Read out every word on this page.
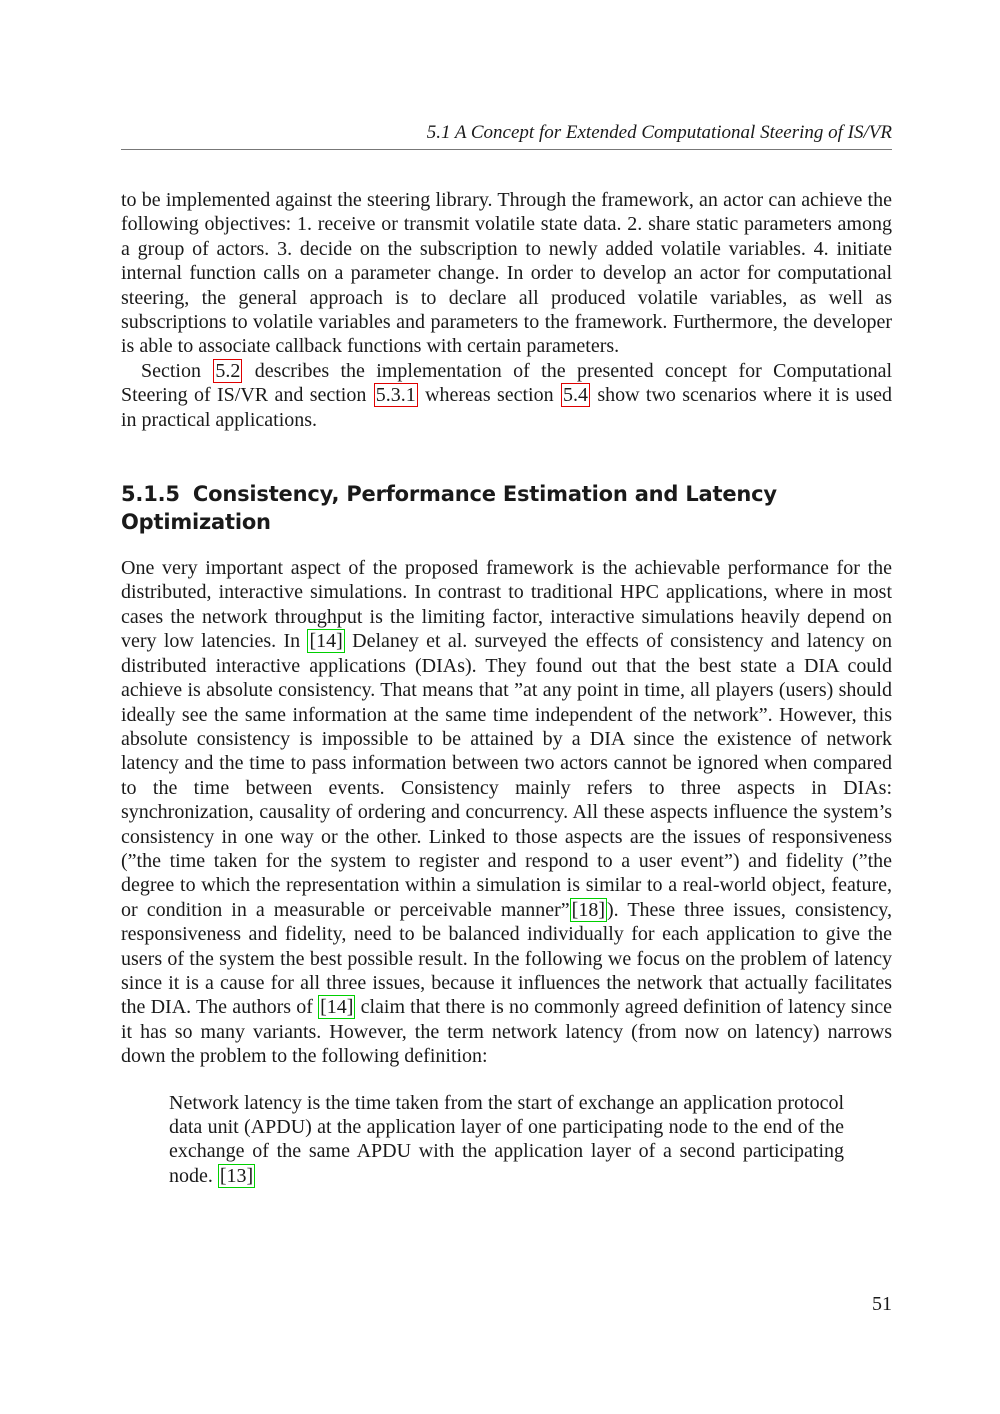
5.1 A Concept for Extended Computational Steering of IS/VR

to be implemented against the steering library. Through the framework, an actor can achieve the following objectives: 1. receive or transmit volatile state data. 2. share static parameters among a group of actors. 3. decide on the subscription to newly added volatile variables. 4. initiate internal function calls on a parameter change. In order to develop an actor for computational steering, the general approach is to declare all produced volatile variables, as well as subscriptions to volatile variables and parameters to the framework. Furthermore, the developer is able to associate callback functions with certain parameters.

Section 5.2 describes the implementation of the presented concept for Computational Steering of IS/VR and section 5.3.1 whereas section 5.4 show two scenarios where it is used in practical applications.

5.1.5 Consistency, Performance Estimation and Latency Optimization

One very important aspect of the proposed framework is the achievable performance for the distributed, interactive simulations. In contrast to traditional HPC applications, where in most cases the network throughput is the limiting factor, interactive simulations heavily depend on very low latencies. In [14] Delaney et al. surveyed the effects of consistency and latency on distributed interactive applications (DIAs). They found out that the best state a DIA could achieve is absolute consistency. That means that ”at any point in time, all players (users) should ideally see the same information at the same time independent of the network”. However, this absolute consistency is impossible to be attained by a DIA since the existence of network latency and the time to pass information between two actors cannot be ignored when compared to the time between events. Consistency mainly refers to three aspects in DIAs: synchronization, causality of ordering and concurrency. All these aspects influence the system’s consistency in one way or the other. Linked to those aspects are the issues of responsiveness (”the time taken for the system to register and respond to a user event”) and fidelity (”the degree to which the representation within a simulation is similar to a real-world object, feature, or condition in a measurable or perceivable manner” [18] ). These three issues, consistency, responsiveness and fidelity, need to be balanced individually for each application to give the users of the system the best possible result. In the following we focus on the problem of latency since it is a cause for all three issues, because it influences the network that actually facilitates the DIA. The authors of [14] claim that there is no commonly agreed definition of latency since it has so many variants. However, the term network latency (from now on latency) narrows down the problem to the following definition:

Network latency is the time taken from the start of exchange an application protocol data unit (APDU) at the application layer of one participating node to the end of the exchange of the same APDU with the application layer of a second participating node. [13]

51
